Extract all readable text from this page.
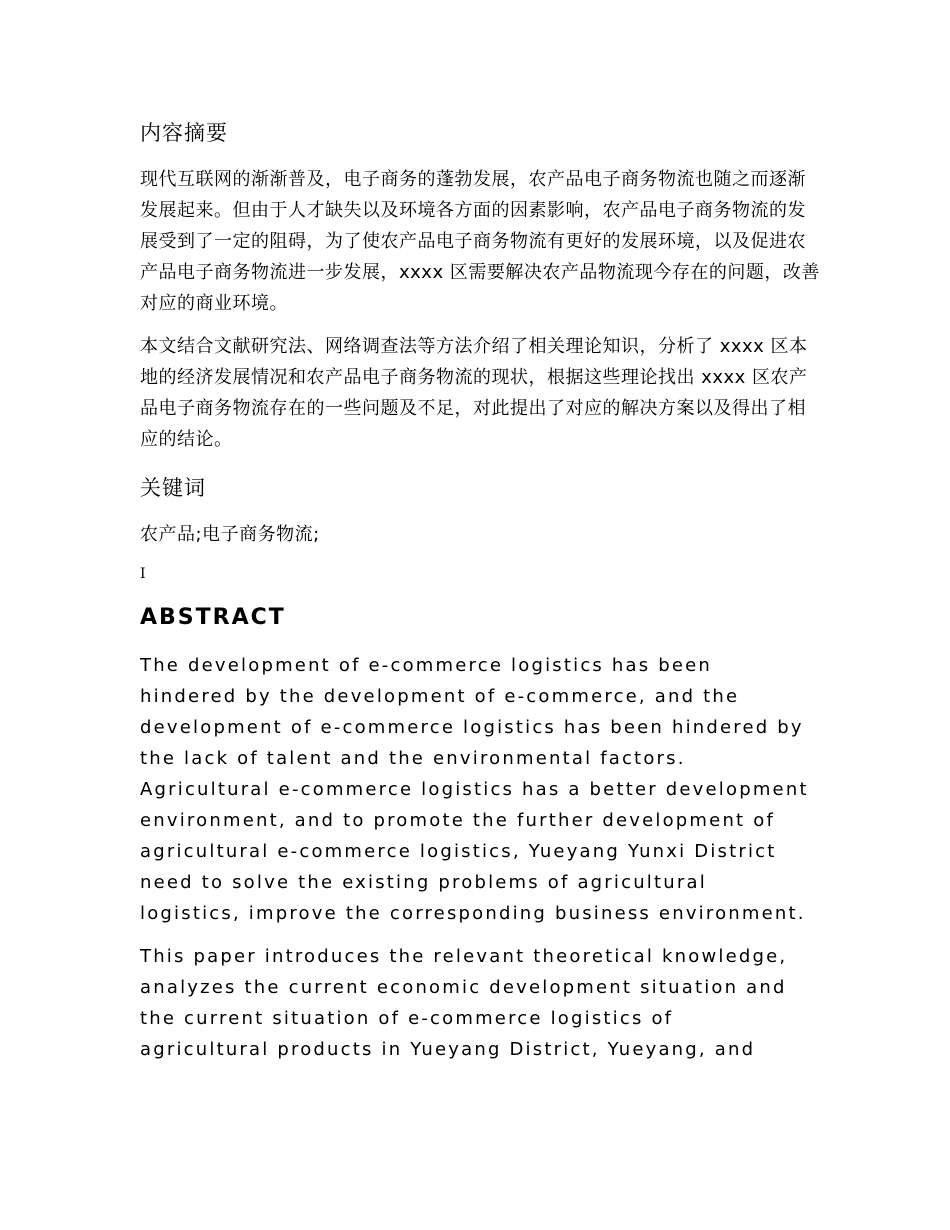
内容摘要

现代互联网的渐渐普及，电子商务的蓬勃发展，农产品电子商务物流也随之而逐渐发展起来。但由于人才缺失以及环境各方面的因素影响，农产品电子商务物流的发展受到了一定的阻碍，为了使农产品电子商务物流有更好的发展环境，以及促进农产品电子商务物流进一步发展，xxxx 区需要解决农产品物流现今存在的问题，改善对应的商业环境。

本文结合文献研究法、网络调查法等方法介绍了相关理论知识，分析了 xxxx 区本地的经济发展情况和农产品电子商务物流的现状，根据这些理论找出 xxxx 区农产品电子商务物流存在的一些问题及不足，对此提出了对应的解决方案以及得出了相应的结论。

关键词
农产品;电子商务物流;
I
ABSTRACT
The development of e-commerce logistics has been
hindered by the development of e-commerce, and the
development of e-commerce logistics has been hindered by
the lack of talent and the environmental factors.
Agricultural e-commerce logistics has a better development
environment, and to promote the further development of
agricultural e-commerce logistics, Yueyang Yunxi District
need to solve the existing problems of agricultural
logistics, improve the corresponding business environment.
This paper introduces the relevant theoretical knowledge,
analyzes the current economic development situation and
the current situation of e-commerce logistics of
agricultural products in Yueyang District, Yueyang, and
